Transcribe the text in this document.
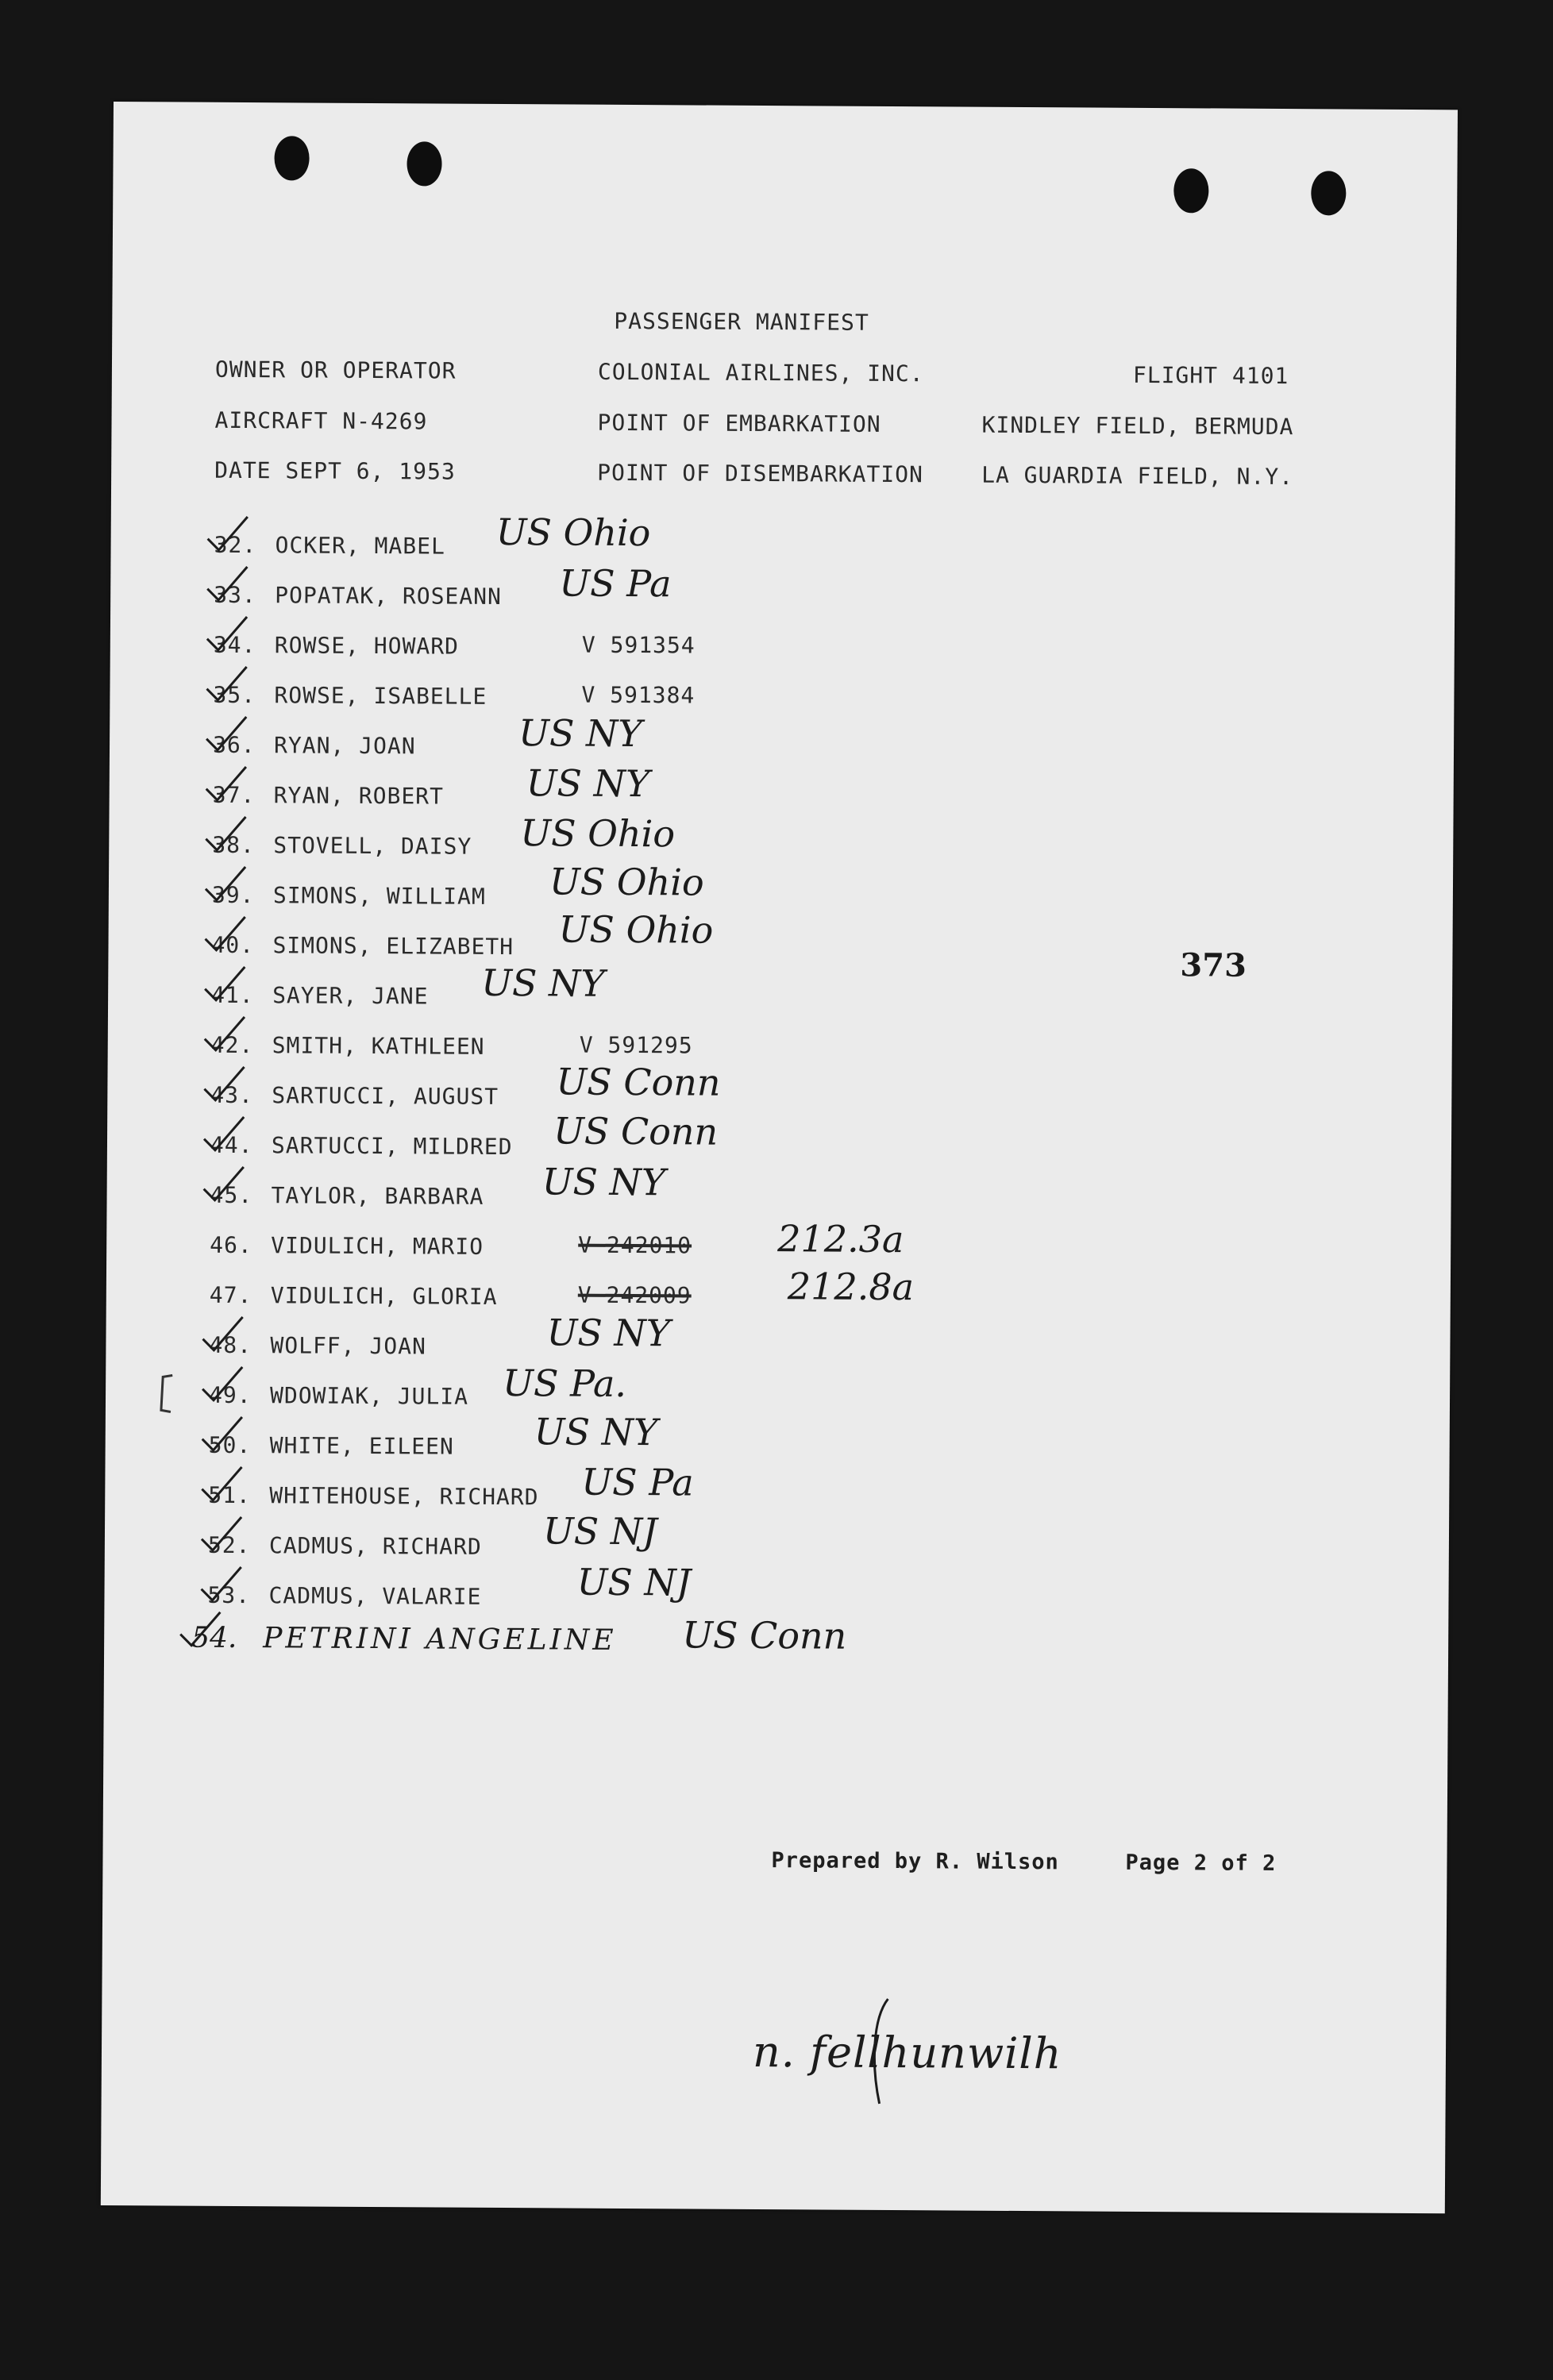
PASSENGER MANIFEST
OWNER OR OPERATOR	COLONIAL AIRLINES, INC.	FLIGHT 4101
AIRCRAFT N-4269	POINT OF EMBARKATION	KINDLEY FIELD, BERMUDA
DATE SEPT 6, 1953	POINT OF DISEMBARKATION	LA GUARDIA FIELD, N.Y.
32. OCKER, MABEL US Ohio
33. POPATAK, ROSEANN US Pa
34. ROWSE, HOWARD	V 591354
35. ROWSE, ISABELLE	V 591384
36. RYAN, JOAN	US NY
37. RYAN, ROBERT US NY
38. STOVELL, DAISY US Ohio
39. SIMONS, WILLIAM US Ohio
40. SIMONS, ELIZABETH US Ohio
41. SAYER, JANE US NY
42. SMITH, KATHLEEN	V 591295
43. SARTUCCI, AUGUST US Conn
44. SARTUCCI, MILDRED US Conn
45. TAYLOR, BARBARA US NY
46. VIDULICH, MARIO	V 242010 212.3a
47. VIDULICH, GLORIA	V 242009	212.8a
48. WOLFF, JOAN	US NY
49. WDOWIAK, JULIA US Pa.
50. WHITE, EILEEN US NY
51. WHITEHOUSE, RICHARD US Pa
52. CADMUS, RICHARD US NJ
53. CADMUS, VALARIE	US NJ
54. PETRINI ANGELINE US Conn
373
Prepared by R. Wilson	Page 2 of 2
n. fellhunwilh
